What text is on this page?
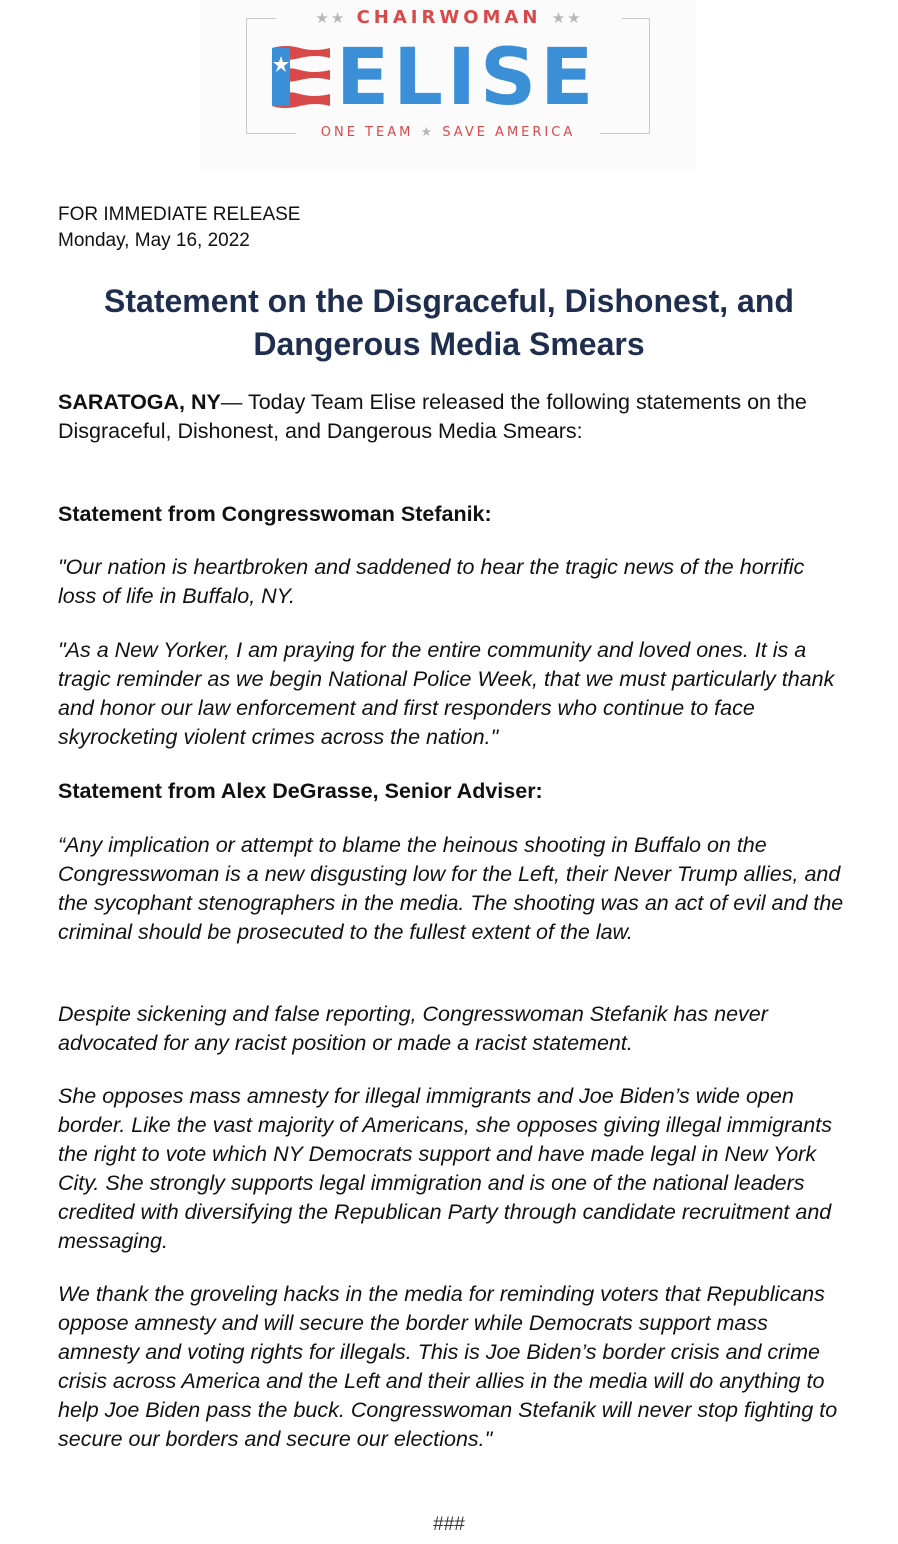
★★ CHAIRWOMAN ★★
ELISE
ONE TEAM ★ SAVE AMERICA
FOR IMMEDIATE RELEASE
Monday, May 16, 2022
Statement on the Disgraceful, Dishonest, and
Dangerous Media Smears

SARATOGA, NY— Today Team Elise released the following statements on the Disgraceful, Dishonest, and Dangerous Media Smears:

Statement from Congresswoman Stefanik:

"Our nation is heartbroken and saddened to hear the tragic news of the horrific loss of life in Buffalo, NY.

"As a New Yorker, I am praying for the entire community and loved ones. It is a tragic reminder as we begin National Police Week, that we must particularly thank and honor our law enforcement and first responders who continue to face skyrocketing violent crimes across the nation."

Statement from Alex DeGrasse, Senior Adviser:

“Any implication or attempt to blame the heinous shooting in Buffalo on the Congresswoman is a new disgusting low for the Left, their Never Trump allies, and the sycophant stenographers in the media. The shooting was an act of evil and the criminal should be prosecuted to the fullest extent of the law.

Despite sickening and false reporting, Congresswoman Stefanik has never advocated for any racist position or made a racist statement.

She opposes mass amnesty for illegal immigrants and Joe Biden’s wide open border. Like the vast majority of Americans, she opposes giving illegal immigrants the right to vote which NY Democrats support and have made legal in New York City. She strongly supports legal immigration and is one of the national leaders credited with diversifying the Republican Party through candidate recruitment and messaging.

We thank the groveling hacks in the media for reminding voters that Republicans oppose amnesty and will secure the border while Democrats support mass amnesty and voting rights for illegals. This is Joe Biden’s border crisis and crime crisis across America and the Left and their allies in the media will do anything to help Joe Biden pass the buck. Congresswoman Stefanik will never stop fighting to secure our borders and secure our elections."

###
